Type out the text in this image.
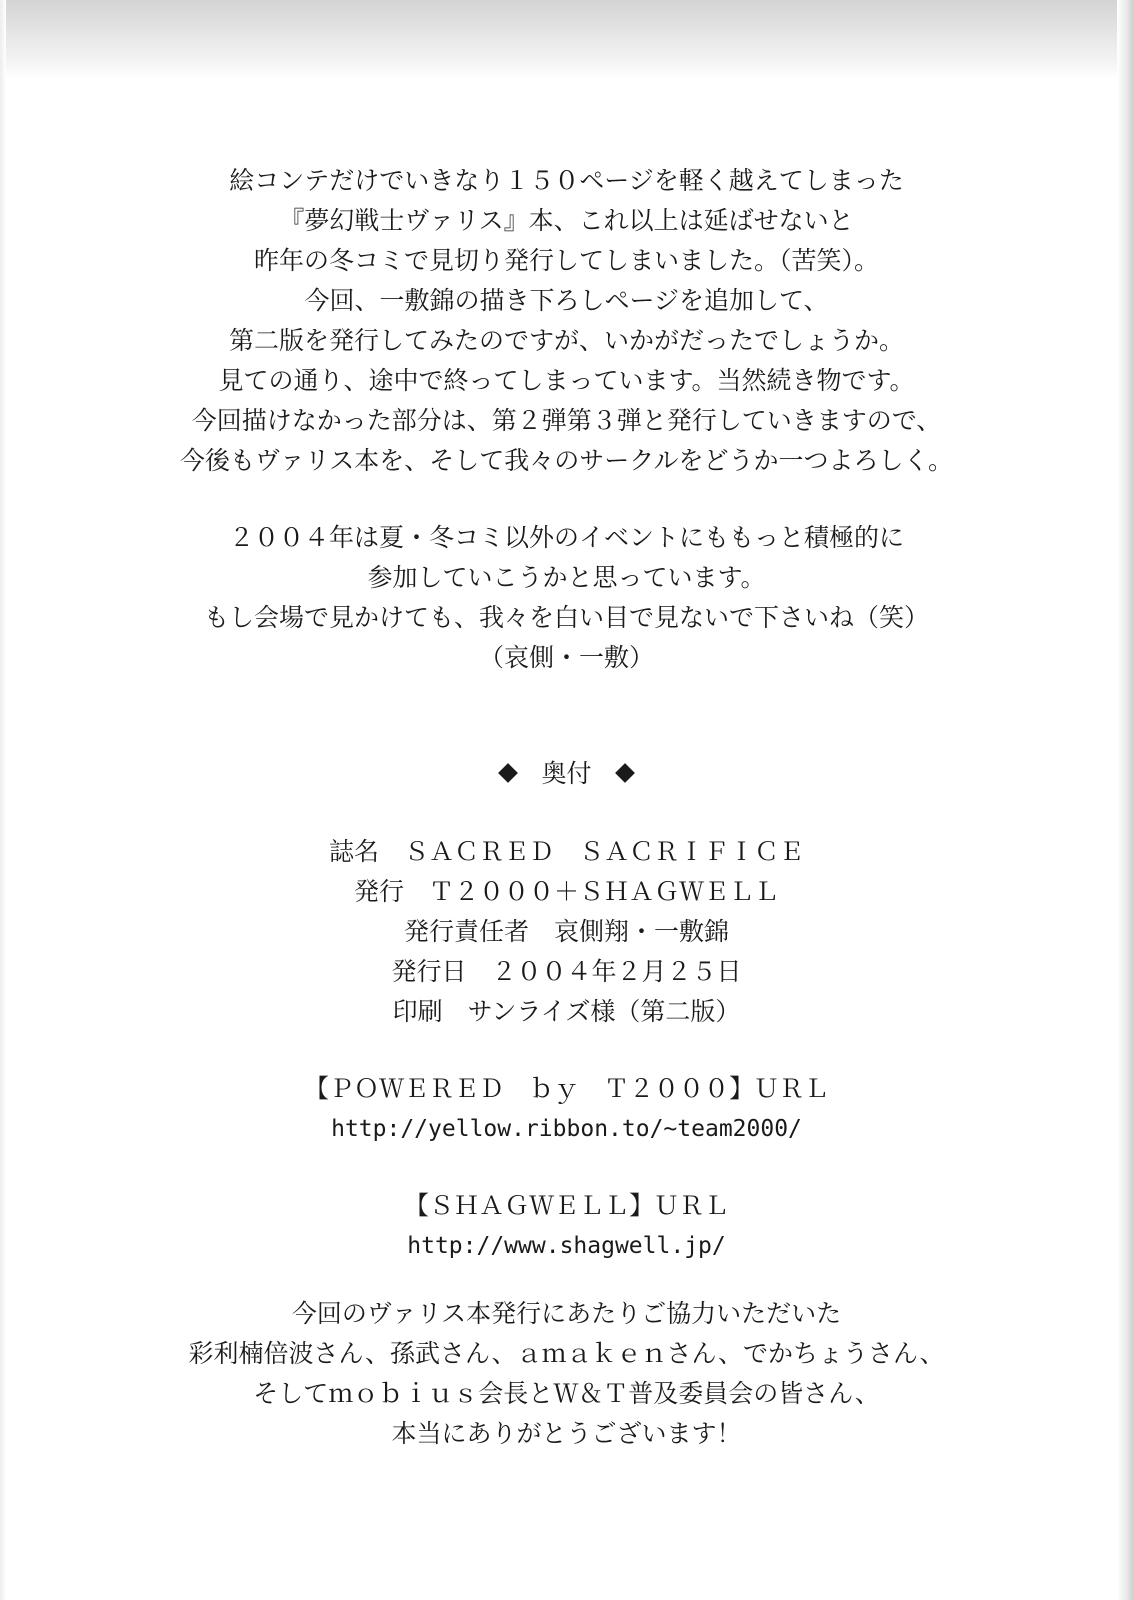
絵コンテだけでいきなり１５０ページを軽く越えてしまった
『夢幻戦士ヴァリス』本、これ以上は延ばせないと
昨年の冬コミで見切り発行してしまいました。（苦笑）。
今回、一敷錦の描き下ろしページを追加して、
第二版を発行してみたのですが、いかがだったでしょうか。
見ての通り、途中で終ってしまっています。当然続き物です。
今回描けなかった部分は、第２弾第３弾と発行していきますので、
今後もヴァリス本を、そして我々のサークルをどうか一つよろしく。
２００４年は夏・冬コミ以外のイベントにももっと積極的に
参加していこうかと思っています。
もし会場で見かけても、我々を白い目で見ないで下さいね（笑）
（哀側・一敷）
奥付
誌名　ＳＡＣＲＥＤ　ＳＡＣＲＩＦＩＣＥ
発行　Ｔ２０００＋ＳＨＡＧＷＥＬＬ
発行責任者　哀側翔・一敷錦
発行日　２００４年２月２５日
印刷　サンライズ様（第二版）
【ＰＯＷＥＲＥＤ　ｂｙ　Ｔ２０００】ＵＲＬ
http://yellow.ribbon.to/~team2000/
【ＳＨＡＧＷＥＬＬ】ＵＲＬ
http://www.shagwell.jp/
今回のヴァリス本発行にあたりご協力いただいた
彩利楠倍波さん、孫武さん、ａｍａｋｅｎさん、でかちょうさん、
そしてｍｏｂｉｕｓ会長とＷ＆Ｔ普及委員会の皆さん、
本当にありがとうございます！
